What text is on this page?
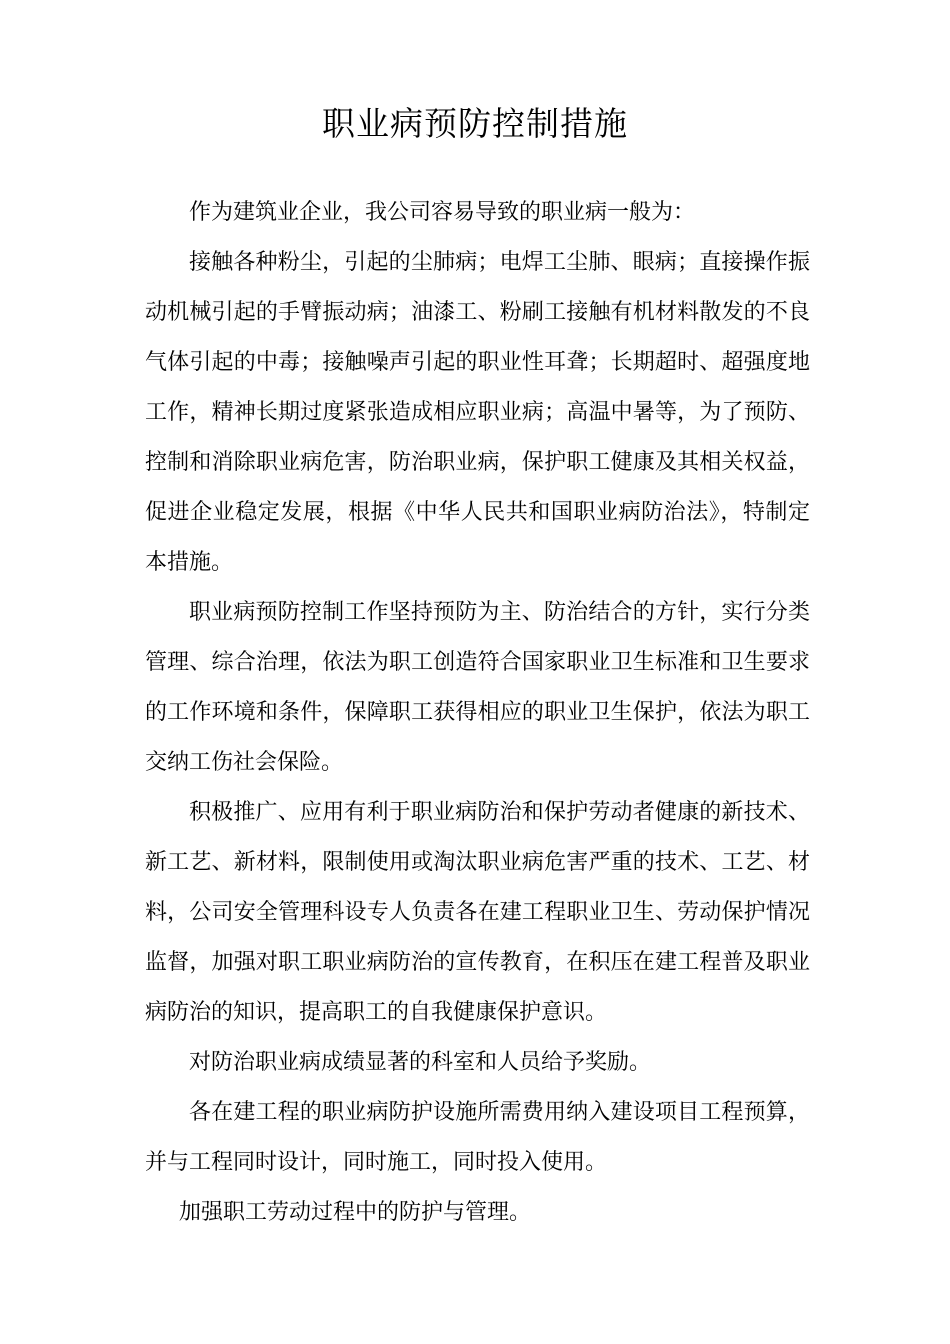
职业病预防控制措施

作为建筑业企业，我公司容易导致的职业病一般为：

接触各种粉尘，引起的尘肺病；电焊工尘肺、眼病；直接操作振动机械引起的手臂振动病；油漆工、粉刷工接触有机材料散发的不良气体引起的中毒；接触噪声引起的职业性耳聋；长期超时、超强度地工作，精神长期过度紧张造成相应职业病；高温中暑等，为了预防、控制和消除职业病危害，防治职业病，保护职工健康及其相关权益，促进企业稳定发展，根据《中华人民共和国职业病防治法》，特制定本措施。

职业病预防控制工作坚持预防为主、防治结合的方针，实行分类管理、综合治理，依法为职工创造符合国家职业卫生标准和卫生要求的工作环境和条件，保障职工获得相应的职业卫生保护，依法为职工交纳工伤社会保险。

积极推广、应用有利于职业病防治和保护劳动者健康的新技术、新工艺、新材料，限制使用或淘汰职业病危害严重的技术、工艺、材料，公司安全管理科设专人负责各在建工程职业卫生、劳动保护情况监督，加强对职工职业病防治的宣传教育，在积压在建工程普及职业病防治的知识，提高职工的自我健康保护意识。

对防治职业病成绩显著的科室和人员给予奖励。

各在建工程的职业病防护设施所需费用纳入建设项目工程预算，并与工程同时设计，同时施工，同时投入使用。

加强职工劳动过程中的防护与管理。
